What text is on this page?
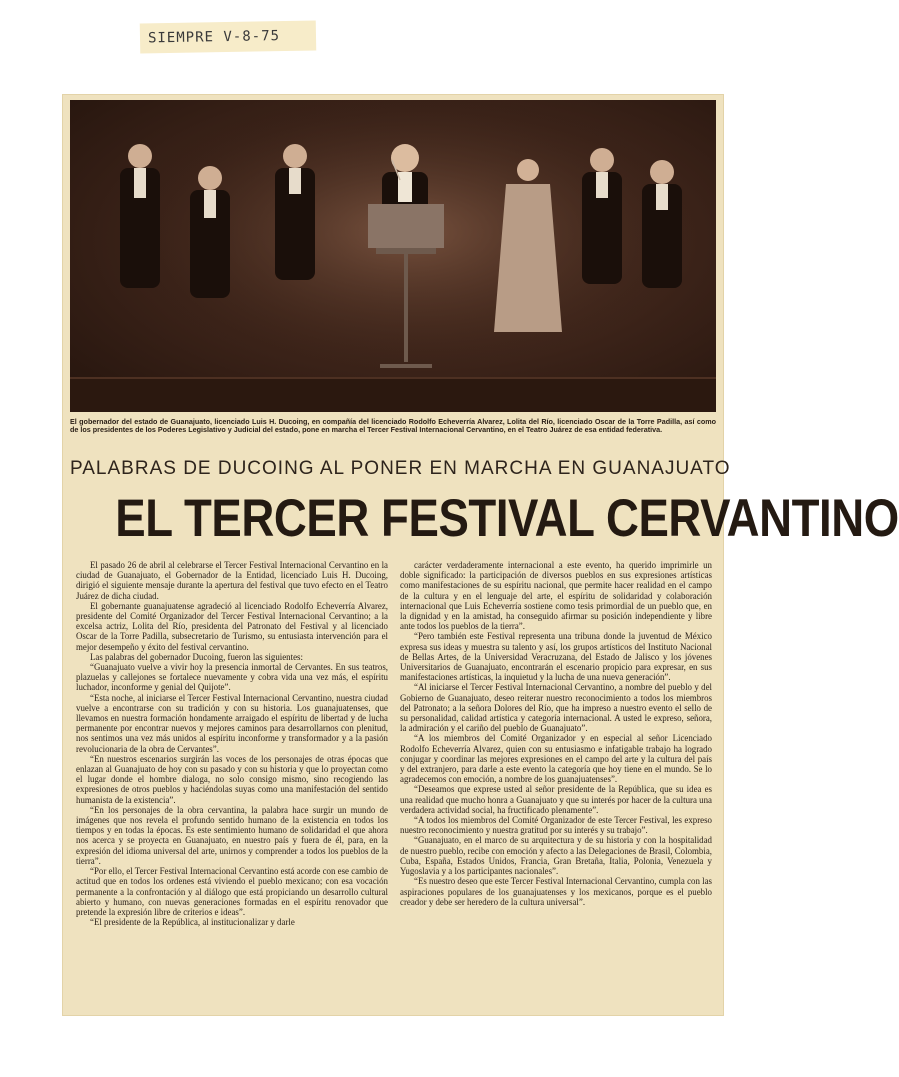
SIEMPRE V-8-75
El gobernador del estado de Guanajuato, licenciado Luis H. Ducoing, en compañía del licenciado Rodolfo Echeverría Alvarez, Lolita del Río, licenciado Oscar de la Torre Padilla, así como de los presidentes de los Poderes Legislativo y Judicial del estado, pone en marcha el Tercer Festival Internacional Cervantino, en el Teatro Juárez de esa entidad federativa.
PALABRAS DE DUCOING AL PONER EN MARCHA EN GUANAJUATO
EL TERCER FESTIVAL CERVANTINO

El pasado 26 de abril al celebrarse el Tercer Festival Internacional Cervantino en la ciudad de Guanajuato, el Gobernador de la Entidad, licenciado Luis H. Ducoing, dirigió el siguiente mensaje durante la apertura del festival que tuvo efecto en el Teatro Juárez de dicha ciudad.

El gobernante guanajuatense agradeció al licenciado Rodolfo Echeverría Alvarez, presidente del Comité Organizador del Tercer Festival Internacional Cervantino; a la excelsa actriz, Lolita del Río, presidenta del Patronato del Festival y al licenciado Oscar de la Torre Padilla, subsecretario de Turismo, su entusiasta intervención para el mejor desempeño y éxito del festival cervantino.

Las palabras del gobernador Ducoing, fueron las siguientes:

“Guanajuato vuelve a vivir hoy la presencia inmortal de Cervantes. En sus teatros, plazuelas y callejones se fortalece nuevamente y cobra vida una vez más, el espíritu luchador, inconforme y genial del Quijote”.

“Esta noche, al iniciarse el Tercer Festival Internacional Cervantino, nuestra ciudad vuelve a encontrarse con su tradición y con su historia. Los guanajuatenses, que llevamos en nuestra formación hondamente arraigado el espíritu de libertad y de lucha permanente por encontrar nuevos y mejores caminos para desarrollarnos con plenitud, nos sentimos una vez más unidos al espíritu inconforme y transformador y a la pasión revolucionaria de la obra de Cervantes”.

“En nuestros escenarios surgirán las voces de los personajes de otras épocas que enlazan al Guanajuato de hoy con su pasado y con su historia y que lo proyectan como el lugar donde el hombre dialoga, no solo consigo mismo, sino recogiendo las expresiones de otros pueblos y haciéndolas suyas como una manifestación del sentido humanista de la existencia”.

“En los personajes de la obra cervantina, la palabra hace surgir un mundo de imágenes que nos revela el profundo sentido humano de la existencia en todos los tiempos y en todas la épocas. Es este sentimiento humano de solidaridad el que ahora nos acerca y se proyecta en Guanajuato, en nuestro país y fuera de él, para, en la expresión del idioma universal del arte, unirnos y comprender a todos los pueblos de la tierra”.

“Por ello, el Tercer Festival Internacional Cervantino está acorde con ese cambio de actitud que en todos los ordenes está viviendo el pueblo mexicano; con esa vocación permanente a la confrontación y al diálogo que está propiciando un desarrollo cultural abierto y humano, con nuevas generaciones formadas en el espíritu renovador que pretende la expresión libre de criterios e ideas”.

“El presidente de la República, al institucionalizar y darle

carácter verdaderamente internacional a este evento, ha querido imprimirle un doble significado: la participación de diversos pueblos en sus expresiones artísticas como manifestaciones de su espíritu nacional, que permite hacer realidad en el campo de la cultura y en el lenguaje del arte, el espíritu de solidaridad y colaboración internacional que Luis Echeverría sostiene como tesis primordial de un pueblo que, en la dignidad y en la amistad, ha conseguido afirmar su posición independiente y libre ante todos los pueblos de la tierra”.

“Pero también este Festival representa una tribuna donde la juventud de México expresa sus ideas y muestra su talento y así, los grupos artísticos del Instituto Nacional de Bellas Artes, de la Universidad Veracruzana, del Estado de Jalisco y los jóvenes Universitarios de Guanajuato, encontrarán el escenario propicio para expresar, en sus manifestaciones artísticas, la inquietud y la lucha de una nueva generación”.

“Al iniciarse el Tercer Festival Internacional Cervantino, a nombre del pueblo y del Gobierno de Guanajuato, deseo reiterar nuestro reconocimiento a todos los miembros del Patronato; a la señora Dolores del Río, que ha impreso a nuestro evento el sello de su personalidad, calidad artística y categoría internacional. A usted le expreso, señora, la admiración y el cariño del pueblo de Guanajuato”.

“A los miembros del Comité Organizador y en especial al señor Licenciado Rodolfo Echeverría Alvarez, quien con su entusiasmo e infatigable trabajo ha logrado conjugar y coordinar las mejores expresiones en el campo del arte y la cultura del país y del extranjero, para darle a este evento la categoría que hoy tiene en el mundo. Se lo agradecemos con emoción, a nombre de los guanajuatenses”.

“Deseamos que exprese usted al señor presidente de la República, que su idea es una realidad que mucho honra a Guanajuato y que su interés por hacer de la cultura una verdadera actividad social, ha fructificado plenamente”.

“A todos los miembros del Comité Organizador de este Tercer Festival, les expreso nuestro reconocimiento y nuestra gratitud por su interés y su trabajo”.

“Guanajuato, en el marco de su arquitectura y de su historia y con la hospitalidad de nuestro pueblo, recibe con emoción y afecto a las Delegaciones de Brasil, Colombia, Cuba, España, Estados Unidos, Francia, Gran Bretaña, Italia, Polonia, Venezuela y Yugoslavia y a los participantes nacionales”.

“Es nuestro deseo que este Tercer Festival Internacional Cervantino, cumpla con las aspiraciones populares de los guanajuatenses y los mexicanos, porque es el pueblo creador y debe ser heredero de la cultura universal”.
